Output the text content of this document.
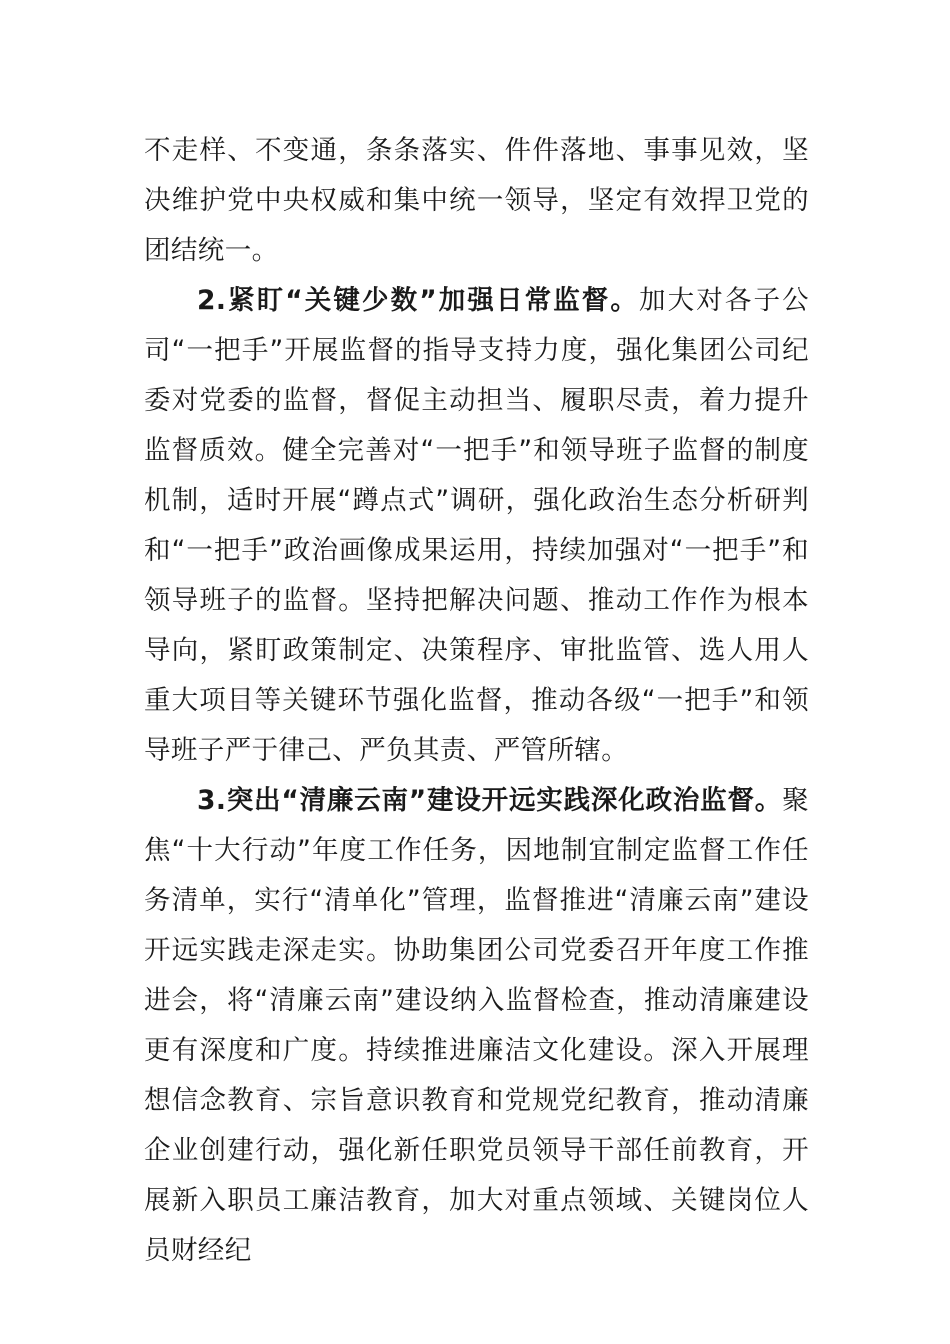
不走样、不变通，条条落实、件件落地、事事见效，坚决维护党中央权威和集中统一领导，坚定有效捍卫党的团结统一。

2.紧盯“关键少数”加强日常监督。加大对各子公司“一把手”开展监督的指导支持力度，强化集团公司纪委对党委的监督，督促主动担当、履职尽责，着力提升监督质效。健全完善对“一把手”和领导班子监督的制度机制，适时开展“蹲点式”调研，强化政治生态分析研判和“一把手”政治画像成果运用，持续加强对“一把手”和领导班子的监督。坚持把解决问题、推动工作作为根本导向，紧盯政策制定、决策程序、审批监管、选人用人重大项目等关键环节强化监督，推动各级“一把手”和领导班子严于律己、严负其责、严管所辖。

3.突出“清廉云南”建设开远实践深化政治监督。聚焦“十大行动”年度工作任务，因地制宜制定监督工作任务清单，实行“清单化”管理，监督推进“清廉云南”建设开远实践走深走实。协助集团公司党委召开年度工作推进会，将“清廉云南”建设纳入监督检查，推动清廉建设更有深度和广度。持续推进廉洁文化建设。深入开展理想信念教育、宗旨意识教育和党规党纪教育，推动清廉企业创建行动，强化新任职党员领导干部任前教育，开展新入职员工廉洁教育，加大对重点领域、关键岗位人员财经纪
